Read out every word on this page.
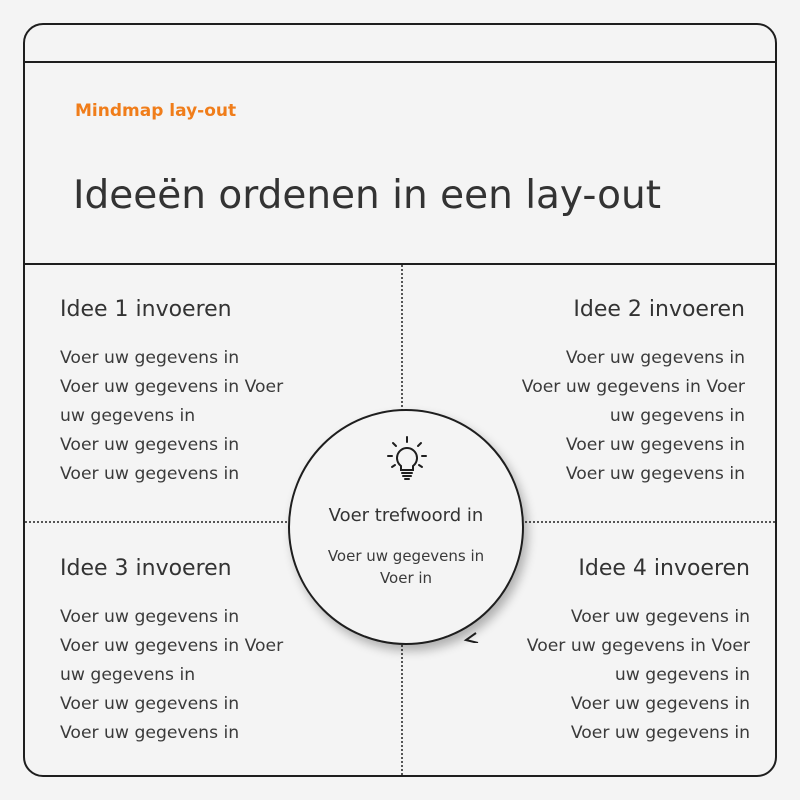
Mindmap lay-out
Ideeën ordenen in een lay-out
Idee 1 invoeren
Voer uw gegevens in
Voer uw gegevens in Voer
uw gegevens in
Voer uw gegevens in
Voer uw gegevens in
Idee 2 invoeren
Voer uw gegevens in
Voer uw gegevens in Voer
uw gegevens in
Voer uw gegevens in
Voer uw gegevens in
Idee 3 invoeren
Voer uw gegevens in
Voer uw gegevens in Voer
uw gegevens in
Voer uw gegevens in
Voer uw gegevens in
Idee 4 invoeren
Voer uw gegevens in
Voer uw gegevens in Voer
uw gegevens in
Voer uw gegevens in
Voer uw gegevens in
Voer trefwoord in
Voer uw gegevens in
Voer in
